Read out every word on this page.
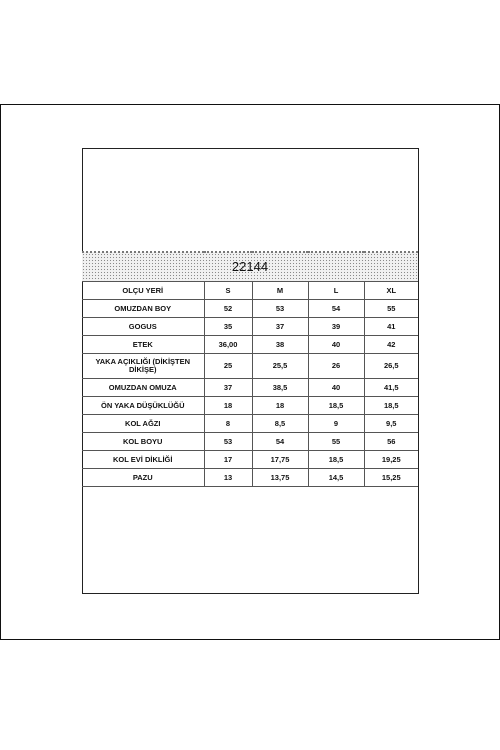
22144				
OLÇU YERİ	S	M	L	XL
OMUZDAN BOY	52	53	54	55
GOGUS	35	37	39	41
ETEK	36,00	38	40	42
YAKA AÇIKLIĞI (DİKİŞTEN DİKİŞE)	25	25,5	26	26,5
OMUZDAN OMUZA	37	38,5	40	41,5
ÖN YAKA DÜŞÜKLÜĞÜ	18	18	18,5	18,5
KOL AĞZI	8	8,5	9	9,5
KOL BOYU	53	54	55	56
KOL EVİ DİKLİĞİ	17	17,75	18,5	19,25
PAZU	13	13,75	14,5	15,25
